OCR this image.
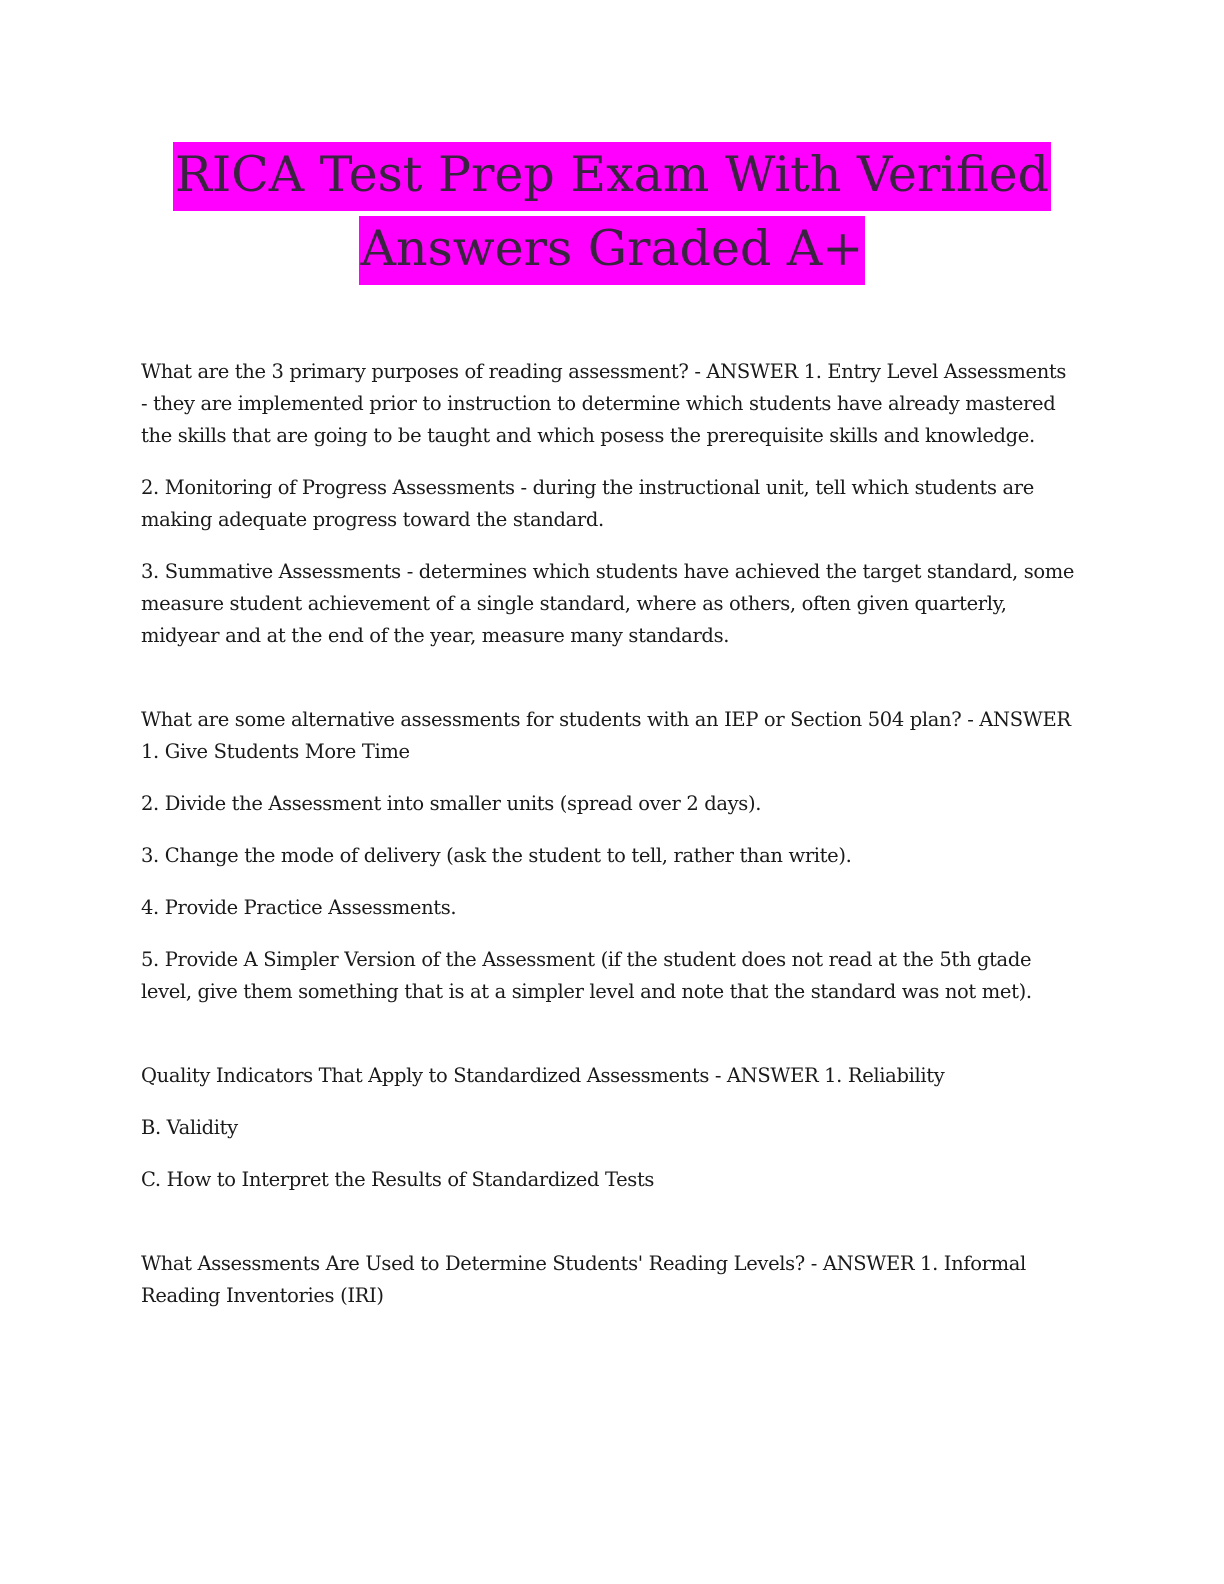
RICA Test Prep Exam With Verified
Answers Graded A+

What are the 3 primary purposes of reading assessment? - ANSWER 1. Entry Level Assessments - they are implemented prior to instruction to determine which students have already mastered the skills that are going to be taught and which posess the prerequisite skills and knowledge.

2. Monitoring of Progress Assessments - during the instructional unit, tell which students are making adequate progress toward the standard.

3. Summative Assessments - determines which students have achieved the target standard, some measure student achievement of a single standard, where as others, often given quarterly, midyear and at the end of the year, measure many standards.

What are some alternative assessments for students with an IEP or Section 504 plan? - ANSWER 1. Give Students More Time

2. Divide the Assessment into smaller units (spread over 2 days).

3. Change the mode of delivery (ask the student to tell, rather than write).

4. Provide Practice Assessments.

5. Provide A Simpler Version of the Assessment (if the student does not read at the 5th gtade level, give them something that is at a simpler level and note that the standard was not met).

Quality Indicators That Apply to Standardized Assessments - ANSWER 1. Reliability

B. Validity

C. How to Interpret the Results of Standardized Tests

What Assessments Are Used to Determine Students' Reading Levels? - ANSWER 1. Informal Reading Inventories (IRI)
